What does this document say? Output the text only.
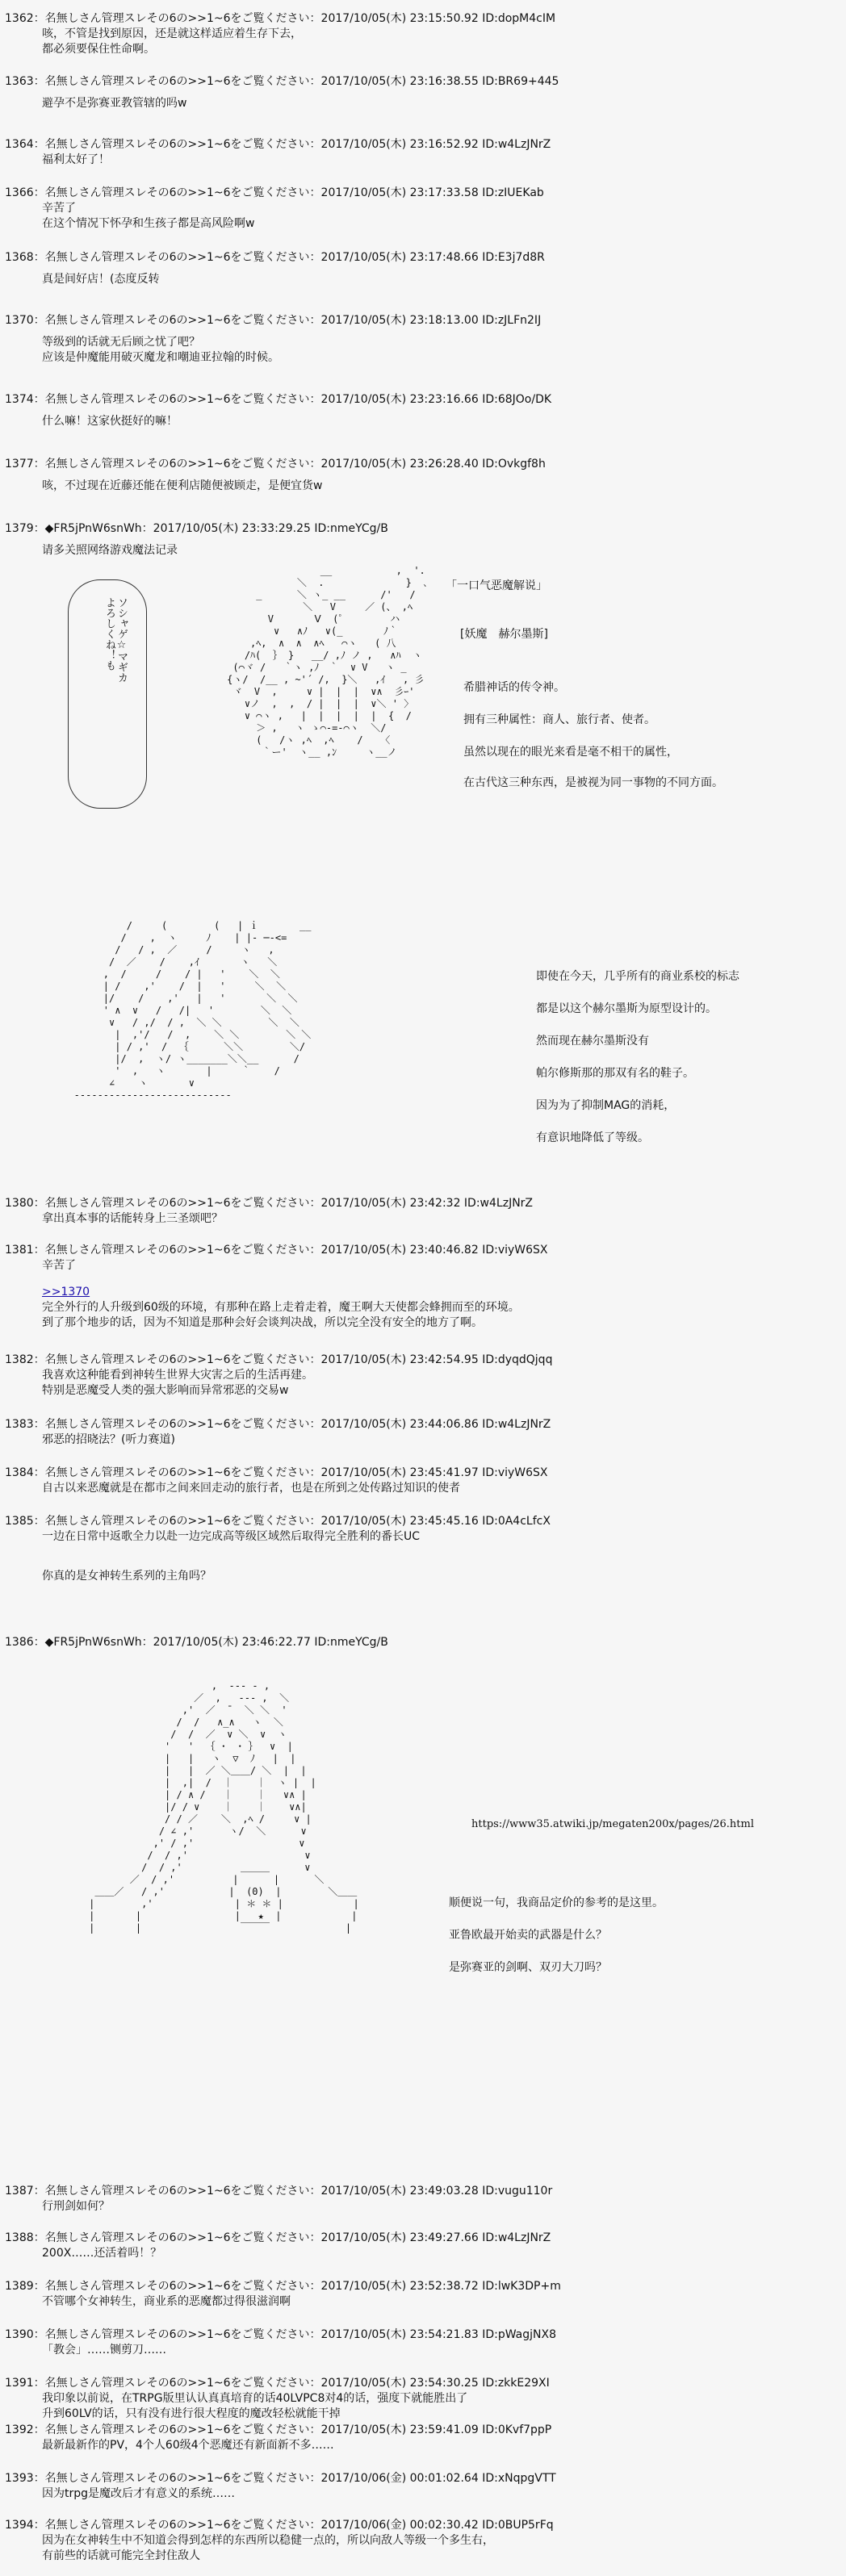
1362：名無しさん管理スレその6の>>1~6をご覧ください：2017/10/05(木) 23:15:50.92 ID:dopM4cIM
咳，不管是找到原因，还是就这样适应着生存下去，
都必须要保住性命啊。
1363：名無しさん管理スレその6の>>1~6をご覧ください：2017/10/05(木) 23:16:38.55 ID:BR69+445
避孕不是弥赛亚教管辖的吗w
1364：名無しさん管理スレその6の>>1~6をご覧ください：2017/10/05(木) 23:16:52.92 ID:w4LzJNrZ
福利太好了！
1366：名無しさん管理スレその6の>>1~6をご覧ください：2017/10/05(木) 23:17:33.58 ID:zIUEKab
辛苦了
在这个情况下怀孕和生孩子都是高风险啊w
1368：名無しさん管理スレその6の>>1~6をご覧ください：2017/10/05(木) 23:17:48.66 ID:E3j7d8R
真是间好店！(态度反转
1370：名無しさん管理スレその6の>>1~6をご覧ください：2017/10/05(木) 23:18:13.00 ID:zJLFn2IJ
等级到的话就无后顾之忧了吧？
应该是仲魔能用破灭魔龙和嘲迪亚拉翰的时候。
1374：名無しさん管理スレその6の>>1~6をご覧ください：2017/10/05(木) 23:23:16.66 ID:68JOo/DK
什么嘛！这家伙挺好的嘛！
1377：名無しさん管理スレその6の>>1~6をご覧ください：2017/10/05(木) 23:26:28.40 ID:Ovkgf8h
咳，不过现在近藤还能在便利店随便被顾走，是便宜货w
1379：◆FR5jPnW6snWh：2017/10/05(木) 23:33:29.25 ID:nmeYCg/B
请多关照网络游戏魔法记录
ソシャゲ☆マギカ
よろしくね！も
__           ,  '.
＼  .              }  ､
_      ＼ ヽ_ __      /'   /
＼   V     ／ (、 ,ﾍ
V       Ⅴ  (ﾟ        ハ
∨   ∧ﾉ   ∨(_       ﾉ｀
,ﾍ,  ∧  ∧  ∧ﾍ   ⌒ヽ   ( 八
/ﾊ(  ｝ }   __/ ,ﾉ ノ ,   ∧ﾊ  ヽ
(⌒ヾ /   ｀ヽ ,ﾉ　｀  ∨ V   ヽ _
{ヽ/  /__ , ~'´ /,  }＼   ,ｲ   , 彡
ヾ  V  ,     ∨ |  |  |  ∨∧  彡ｰ'
∨ノ  ,  ,  / |  |  |  ∨＼ ' 〉
∨ ⌒ヽ ,   |  |  |  |  |  {  /
＞ ,   ヽ ゝ⌒‐=-⌒ヽ  ＼/
(   /ヽ ,ﾍ  ,ﾍ    /   〈
｀ー'  ヽ__ ,ﾝ     ヽ__ノ
「一口气恶魔解说」
[妖魔　赫尔墨斯]
希腊神话的传令神。
拥有三种属性：商人、旅行者、使者。
虽然以现在的眼光来看是毫不相干的属性，
在古代这三种东西，是被视为同一事物的不同方面。
/     (        (   | ｉ       __
/    ,  ヽ     ﾉ    | |‐ ─‐<=
/   / ,  ／     /     ヽ   ,
/  ／    /    ,ｲ       ヽ   ＼
,  /     /    / |   '    ＼  ＼
| /    ,'    /  |   '     ＼  ＼
|/    /    ,'   |   '       ＼  ＼
' ∧  ∨   /   /|   '        ＼  ＼
∨   / ,/  / ,  ＼ ＼        ＼  ＼
|  ,'/   /  ,    ＼ ＼        ＼ ＼
| / ,'  /  ｛      ＼＼        ＼/
|/  ,  ヽ/ ヽ_______＼＼__      /
'  ,   ヽ       |     ｀    /
∠    ヽ       ∨
---------------------------
即使在今天，几乎所有的商业系校的标志
都是以这个赫尔墨斯为原型设计的。
然而现在赫尔墨斯没有
帕尔修斯那的那双有名的鞋子。
因为为了抑制MAG的消耗，
有意识地降低了等级。
1380：名無しさん管理スレその6の>>1~6をご覧ください：2017/10/05(木) 23:42:32 ID:w4LzJNrZ
拿出真本事的话能转身上三圣颂吧？
1381：名無しさん管理スレその6の>>1~6をご覧ください：2017/10/05(木) 23:40:46.82 ID:viyW6SX
辛苦了
>>1370
完全外行的人升级到60级的环境，有那种在路上走着走着，魔王啊大天使都会蜂拥而至的环境。
到了那个地步的话，因为不知道是那种会好会谈判决战，所以完全没有安全的地方了啊。
1382：名無しさん管理スレその6の>>1~6をご覧ください：2017/10/05(木) 23:42:54.95 ID:dyqdQjqq
我喜欢这种能看到神转生世界大灾害之后的生活再建。
特别是恶魔受人类的强大影响而异常邪恶的交易w
1383：名無しさん管理スレその6の>>1~6をご覧ください：2017/10/05(木) 23:44:06.86 ID:w4LzJNrZ
邪恶的招晓法？(听力赛道)
1384：名無しさん管理スレその6の>>1~6をご覧ください：2017/10/05(木) 23:45:41.97 ID:viyW6SX
自古以来恶魔就是在都市之间来回走动的旅行者，也是在所到之处传路过知识的使者
1385：名無しさん管理スレその6の>>1~6をご覧ください：2017/10/05(木) 23:45:45.16 ID:0A4cLfcX
一边在日常中返歌全力以赴一边完成高等级区域然后取得完全胜利的番长UC
你真的是女神转生系列的主角吗？
1386：◆FR5jPnW6snWh：2017/10/05(木) 23:46:22.77 ID:nmeYCg/B
,  ‐‐‐ - ,
／  ,   -‐‐ ,  ＼
,'  ／  ̄   ＼ ＼  '
/  /   ∧_∧   ヽ  ＼
/  /  ／  ∨ ＼  ∨  ヽ
'   '  ｛ ･  ･ ｝  ∨  |
|   |   ヽ  ▽  ﾉ   |  |
|   |  ／ ＼＿＿/ ＼  |  |
|  ,|  /  ｜    ｜  ヽ |  |
| / ∧ /   ｜    ｜   ∨∧ |
|/ / ∨    ｜    ｜    ∨∧|
/ / ／    ＼  ,ﾍ /     ∨ |
/ ∠ ,'      ヽ/  ＼      ∨
,' / ,'                  ∨
/  / ,'                    ∨
/  / ,'          ＿＿＿      ∨
／  / ,'          |      |      ＼
＿＿／   / ,'           |  (0)  |        ＼＿＿
|        ,'              | ＊ ＊ |            |
|       |                |   ★  |            |
|       |                 ￣￣￣             |
https://www35.atwiki.jp/megaten200x/pages/26.html
顺便说一句，我商品定价的参考的是这里。
亚鲁欧最开始卖的武器是什么？
是弥赛亚的剑啊、双刃大刀吗？
1387：名無しさん管理スレその6の>>1~6をご覧ください：2017/10/05(木) 23:49:03.28 ID:vugu110r
行刑剑如何？
1388：名無しさん管理スレその6の>>1~6をご覧ください：2017/10/05(木) 23:49:27.66 ID:w4LzJNrZ
200X……还活着吗！？
1389：名無しさん管理スレその6の>>1~6をご覧ください：2017/10/05(木) 23:52:38.72 ID:lwK3DP+m
不管哪个女神转生，商业系的恶魔都过得很滋润啊
1390：名無しさん管理スレその6の>>1~6をご覧ください：2017/10/05(木) 23:54:21.83 ID:pWagjNX8
「教会」……铡剪刀……
1391：名無しさん管理スレその6の>>1~6をご覧ください：2017/10/05(木) 23:54:30.25 ID:zkkE29XI
我印象以前说，在TRPG版里认认真真培育的话40LVPC8对4的话，强度下就能胜出了
升到60LV的话，只有没有进行很大程度的魔改轻松就能干掉
1392：名無しさん管理スレその6の>>1~6をご覧ください：2017/10/05(木) 23:59:41.09 ID:0Kvf7ppP
最新最新作的PV，4个人60级4个恶魔还有新面新不多……
1393：名無しさん管理スレその6の>>1~6をご覧ください：2017/10/06(金) 00:01:02.64 ID:xNqpgVTT
因为trpg是魔改后才有意义的系统……
1394：名無しさん管理スレその6の>>1~6をご覧ください：2017/10/06(金) 00:02:30.42 ID:0BUP5rFq
因为在女神转生中不知道会得到怎样的东西所以稳健一点的，所以向敌人等级一个多生右，
有前些的话就可能完全封住敌人
